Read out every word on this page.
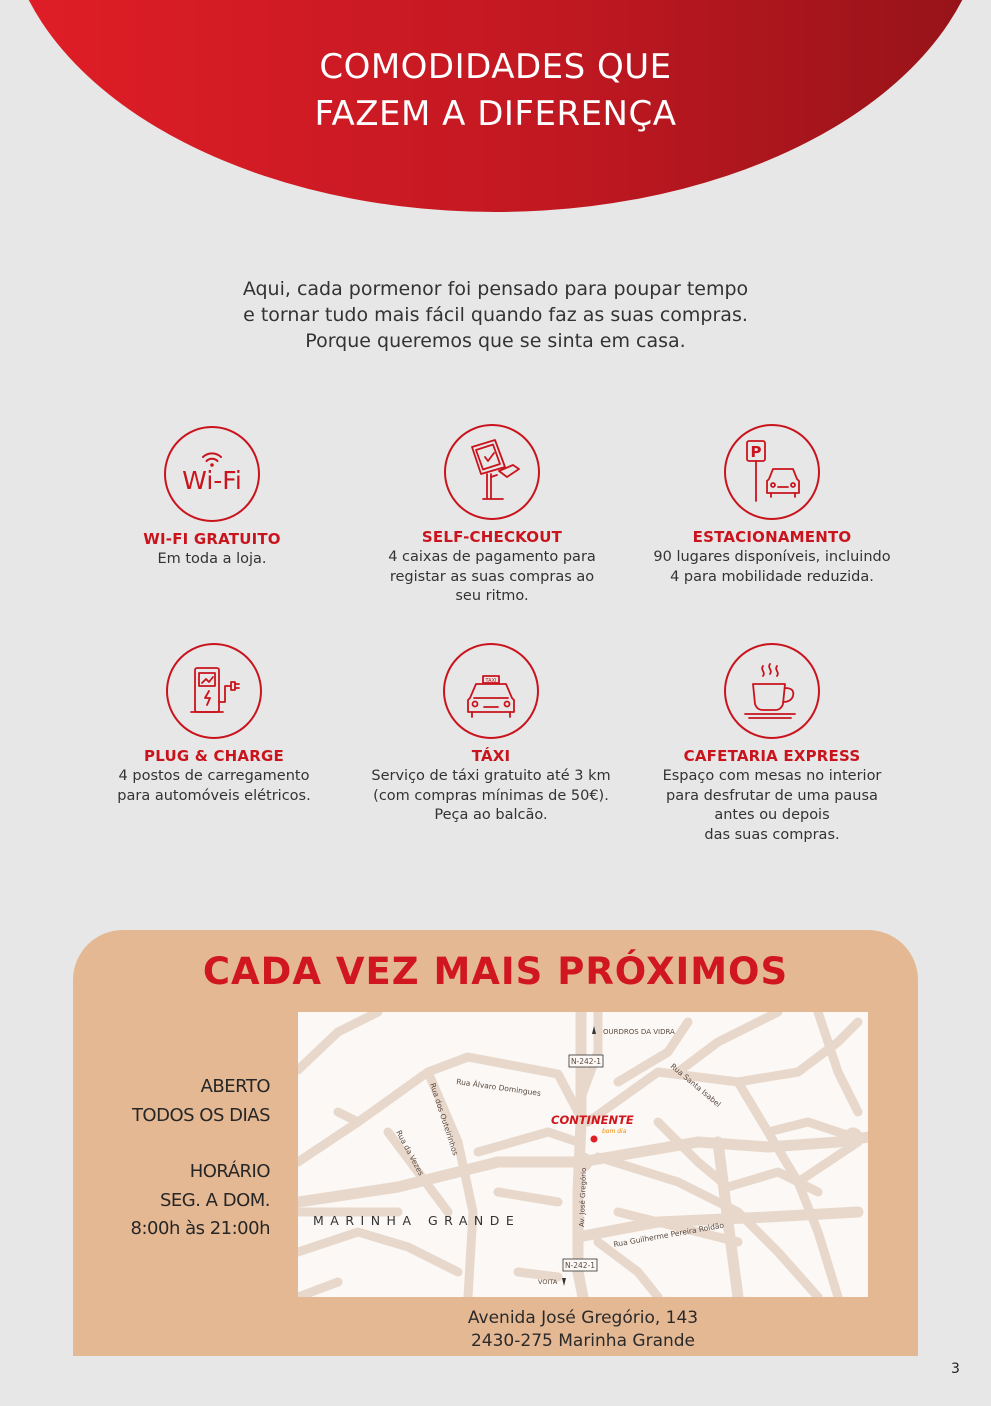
COMODIDADES QUE
FAZEM A DIFERENÇA
Aqui, cada pormenor foi pensado para poupar tempo
e tornar tudo mais fácil quando faz as suas compras.
Porque queremos que se sinta em casa.
Wi-Fi
WI-FI GRATUITO
Em toda a loja.
SELF-CHECKOUT
4 caixas de pagamento para
registar as suas compras ao
seu ritmo.
P
ESTACIONAMENTO
90 lugares disponíveis, incluindo
4 para mobilidade reduzida.
PLUG & CHARGE
4 postos de carregamento
para automóveis elétricos.
TAXI
TÁXI
Serviço de táxi gratuito até 3 km
(com compras mínimas de 50€).
Peça ao balcão.
CAFETARIA EXPRESS
Espaço com mesas no interior
para desfrutar de uma pausa
antes ou depois
das suas compras.
CADA VEZ MAIS PRÓXIMOS
ABERTO
TODOS OS DIAS
HORÁRIO
SEG. A DOM.
8:00h às 21:00h
OURDROS DA VIDRA
N-242-1
N-242-1
VOITA
Rua Álvaro Domingues
Rua dos Outeirinhos
Rua da Vezes
Rua Santa Isabel
Av. José Gregório
Rua Guilherme Pereira Roldão
MARINHA GRANDE
CONTINENTE
bom dia
Avenida José Gregório, 143
2430-275 Marinha Grande
3
